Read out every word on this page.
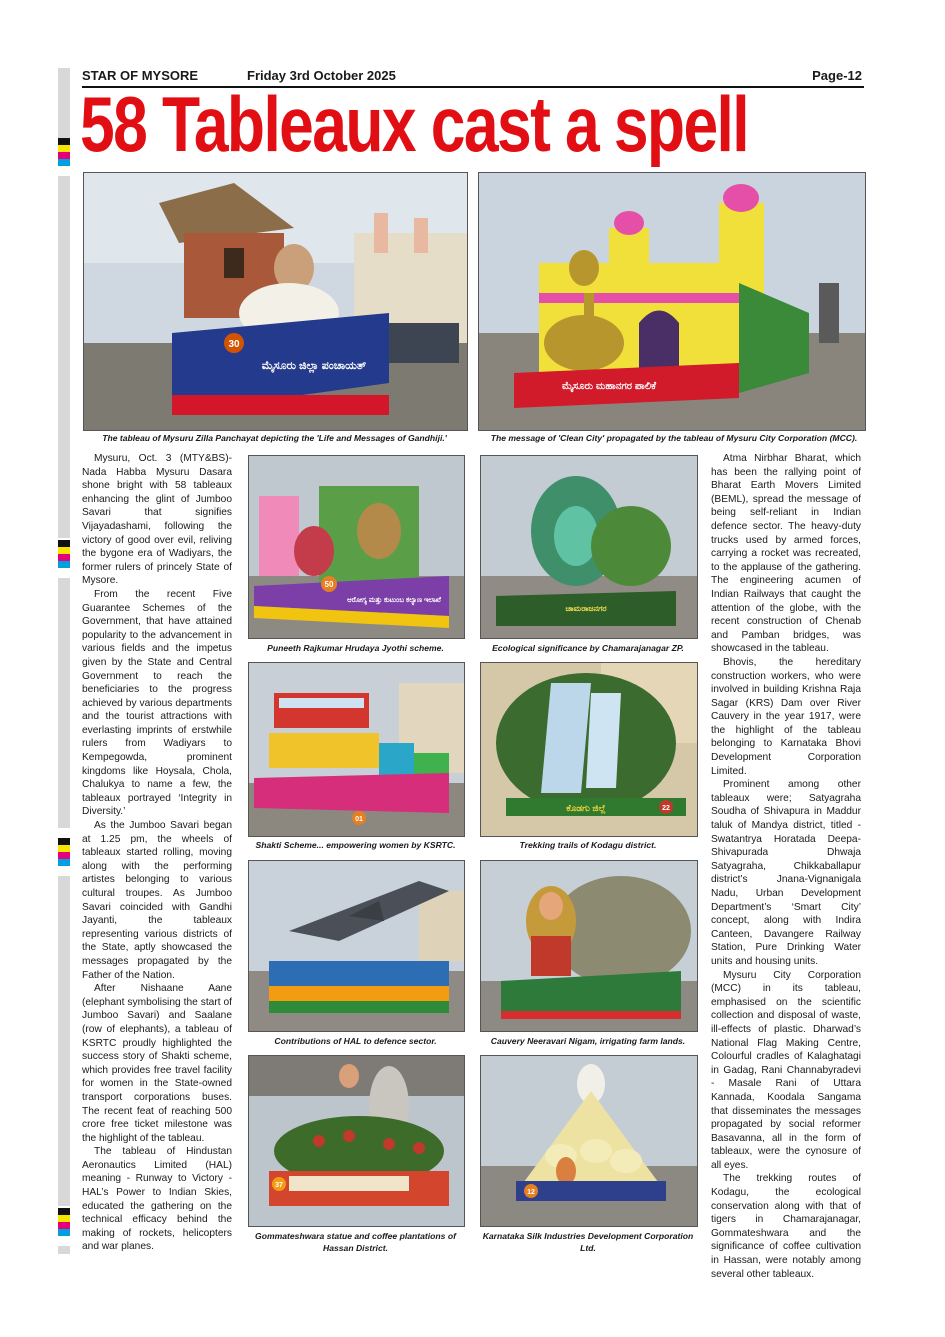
STAR OF MYSORE	Friday 3rd October 2025	Page-12
58 Tableaux cast a spell
30
ಮೈಸೂರು ಜಿಲ್ಲಾ ಪಂಚಾಯತ್
The tableau of Mysuru Zilla Panchayat depicting the 'Life and Messages of Gandhiji.'
ಮೈಸೂರು ಮಹಾನಗರ ಪಾಲಿಕೆ
The message of 'Clean City' propagated by the tableau of Mysuru City Corporation (MCC).

Mysuru, Oct. 3 (MTY&BS)- Nada Habba Mysuru Dasara shone bright with 58 tableaux enhancing the glint of Jumboo Savari that signifies Vijayadashami, following the victory of good over evil, reliving the bygone era of Wadiyars, the former rulers of princely State of Mysore.

From the recent Five Guarantee Schemes of the Government, that have attained popularity to the advancement in various fields and the impetus given by the State and Central Government to reach the beneficiaries to the progress achieved by various departments and the tourist attractions with everlasting imprints of erstwhile rulers from Wadiyars to Kempegowda, prominent kingdoms like Hoysala, Chola, Chalukya to name a few, the tableaux portrayed ‘Integrity in Diversity.’

As the Jumboo Savari began at 1.25 pm, the wheels of tableaux started rolling, moving along with the performing artistes belonging to various cultural troupes. As Jumboo Savari coincided with Gandhi Jayanti, the tableaux representing various districts of the State, aptly showcased the messages propagated by the Father of the Nation.

After Nishaane Aane (elephant symbolising the start of Jumboo Savari) and Saalane (row of elephants), a tableau of KSRTC proudly highlighted the success story of Shakti scheme, which provides free travel facility for women in the State-owned transport corporations buses. The recent feat of reaching 500 crore free ticket milestone was the highlight of the tableau.

The tableau of Hindustan Aeronautics Limited (HAL) meaning - Runway to Victory - HAL’s Power to Indian Skies, educated the gathering on the technical efficacy behind the making of rockets, helicopters and war planes.

50
ಆರೋಗ್ಯ ಮತ್ತು ಕುಟುಂಬ ಕಲ್ಯಾಣ ಇಲಾಖೆ
Puneeth Rajkumar Hrudaya Jyothi scheme.
ಚಾಮರಾಜನಗರ
Ecological significance by Chamarajanagar ZP.
01
Shakti Scheme... empowering women by KSRTC.
ಕೊಡಗು ಜಿಲ್ಲೆ	22
Trekking trails of Kodagu district.
Contributions of HAL to defence sector.	Cauvery Neeravari Nigam, irrigating farm lands.
37
Gommateshwara statue and coffee plantations of Hassan District.
12
Karnataka Silk Industries Development Corporation Ltd.

Atma Nirbhar Bharat, which has been the rallying point of Bharat Earth Movers Limited (BEML), spread the message of being self-reliant in Indian defence sector. The heavy-duty trucks used by armed forces, carrying a rocket was recreated, to the applause of the gathering. The engineering acumen of Indian Railways that caught the attention of the globe, with the recent construction of Chenab and Pamban bridges, was showcased in the tableau.

Bhovis, the hereditary construction workers, who were involved in building Krishna Raja Sagar (KRS) Dam over River Cauvery in the year 1917, were the highlight of the tableau belonging to Karnataka Bhovi Development Corporation Limited.

Prominent among other tableaux were; Satyagraha Soudha of Shivapura in Maddur taluk of Mandya district, titled - Swatantrya Horatada Deepa-Shivapurada Dhwaja Satyagraha, Chikkaballapur district’s Jnana-Vignanigala Nadu, Urban Development Department’s ‘Smart City’ concept, along with Indira Canteen, Davangere Railway Station, Pure Drinking Water units and housing units.

Mysuru City Corporation (MCC) in its tableau, emphasised on the scientific collection and disposal of waste, ill-effects of plastic. Dharwad’s National Flag Making Centre, Colourful cradles of Kalaghatagi in Gadag, Rani Channabyradevi - Masale Rani of Uttara Kannada, Koodala Sangama that disseminates the messages propagated by social reformer Basavanna, all in the form of tableaux, were the cynosure of all eyes.

The trekking routes of Kodagu, the ecological conservation along with that of tigers in Chamarajanagar, Gommateshwara and the significance of coffee cultivation in Hassan, were notably among several other tableaux.
